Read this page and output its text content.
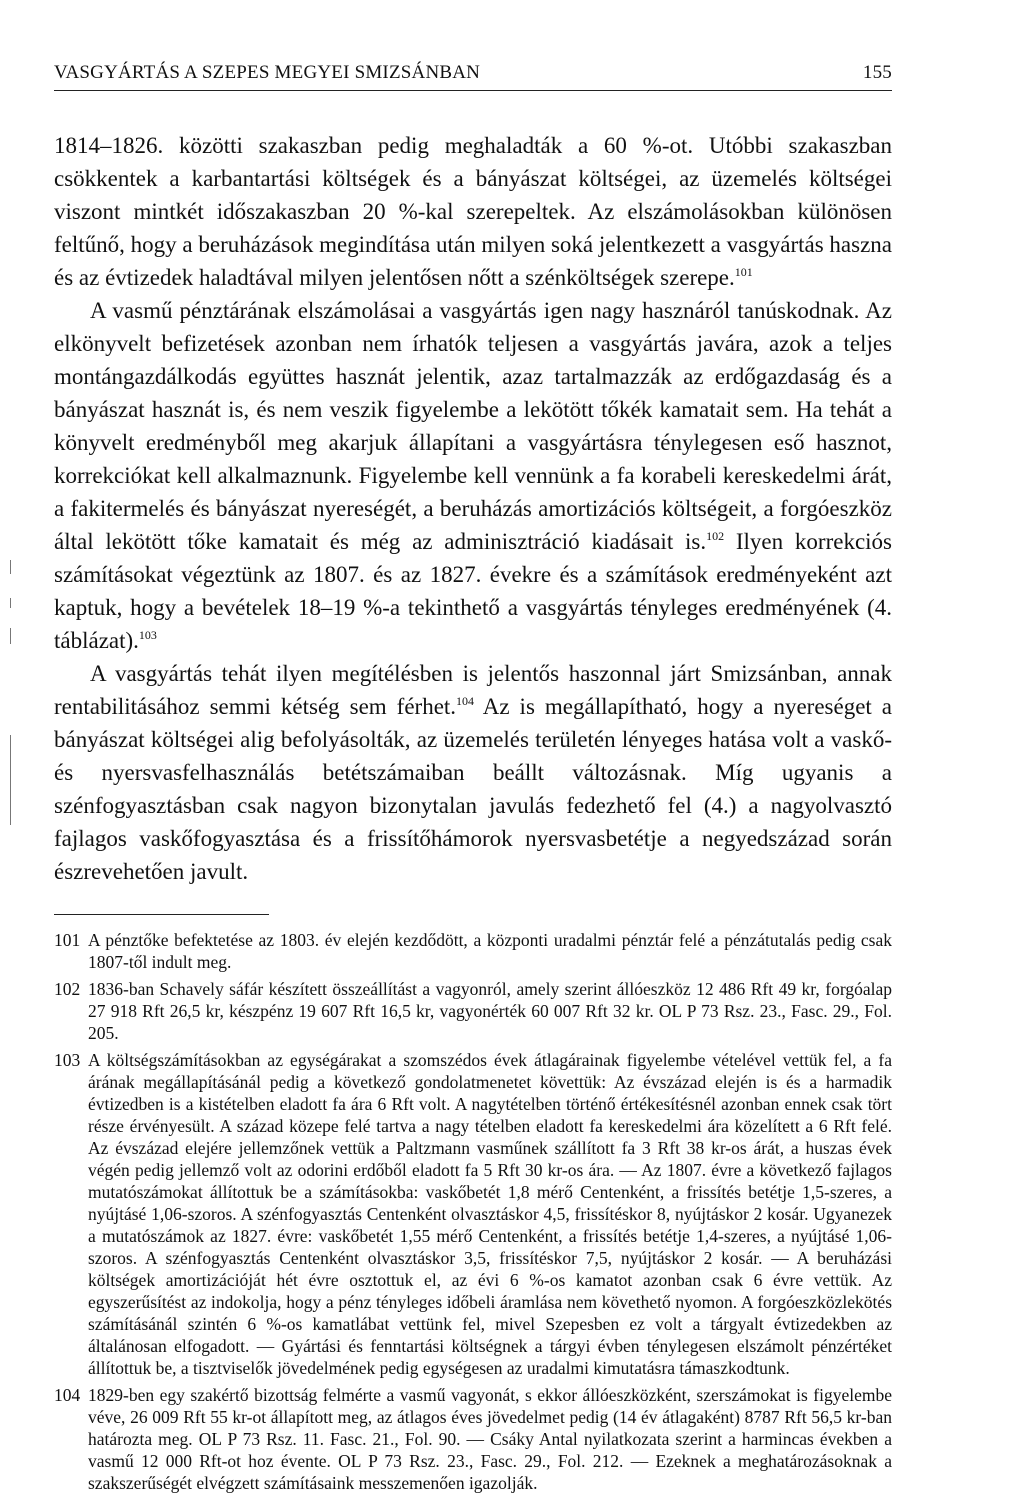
VASGYÁRTÁS A SZEPES MEGYEI SMIZSÁNBAN	155

1814–1826. közötti szakaszban pedig meghaladták a 60 %-ot. Utóbbi szakaszban csökkentek a karbantartási költségek és a bányászat költségei, az üzemelés költségei viszont mintkét időszakaszban 20 %-kal szerepeltek. Az elszámolásokban különösen feltűnő, hogy a beruházások megindítása után milyen soká jelentkezett a vasgyártás haszna és az évtizedek haladtával milyen jelentősen nőtt a szénköltségek szerepe.$^{101}$

A vasmű pénztárának elszámolásai a vasgyártás igen nagy hasznáról tanúskodnak. Az elkönyvelt befizetések azonban nem írhatók teljesen a vasgyártás javára, azok a teljes montángazdálkodás együttes hasznát jelentik, azaz tartalmazzák az erdőgazdaság és a bányászat hasznát is, és nem veszik figyelembe a lekötött tőkék kamatait sem. Ha tehát a könyvelt eredményből meg akarjuk állapítani a vasgyártásra ténylegesen eső hasznot, korrekciókat kell alkalmaznunk. Figyelembe kell vennünk a fa korabeli kereskedelmi árát, a fakitermelés és bányászat nyereségét, a beruházás amortizációs költségeit, a forgóeszköz által lekötött tőke kamatait és még az adminisztráció kiadásait is.$^{102}$ Ilyen korrekciós számításokat végeztünk az 1807. és az 1827. évekre és a számítások eredményeként azt kaptuk, hogy a bevételek 18–19 %-a tekinthető a vasgyártás tényleges eredményének (4. táblázat).$^{103}$

A vasgyártás tehát ilyen megítélésben is jelentős haszonnal járt Smizsánban, annak rentabilitásához semmi kétség sem férhet.$^{104}$ Az is megállapítható, hogy a nyereséget a bányászat költségei alig befolyásolták, az üzemelés területén lényeges hatása volt a vaskő- és nyersvasfelhasználás betétszámaiban beállt változásnak. Míg ugyanis a szénfogyasztásban csak nagyon bizonytalan javulás fedezhető fel (4.) a nagyolvasztó fajlagos vaskőfogyasztása és a frissítőhámorok nyersvasbetétje a negyedszázad során észrevehetően javult.

101 A pénztőke befektetése az 1803. év elején kezdődött, a központi uradalmi pénztár felé a pénzátutalás pedig csak 1807-től indult meg.
102 1836-ban Schavely sáfár készített összeállítást a vagyonról, amely szerint állóeszköz 12 486 Rft 49 kr, forgóalap 27 918 Rft 26,5 kr, készpénz 19 607 Rft 16,5 kr, vagyonérték 60 007 Rft 32 kr. OL P 73 Rsz. 23., Fasc. 29., Fol. 205.
103 A költségszámításokban az egységárakat a szomszédos évek átlagárainak figyelembe vételével vettük fel, a fa árának megállapításánál pedig a következő gondolatmenetet követtük: Az évszázad elején is és a harmadik évtizedben is a kistételben eladott fa ára 6 Rft volt. A nagytételben történő értékesítésnél azonban ennek csak tört része érvényesült. A század közepe felé tartva a nagy tételben eladott fa kereskedelmi ára közelített a 6 Rft felé. Az évszázad elejére jellemzőnek vettük a Paltzmann vasműnek szállított fa 3 Rft 38 kr-os árát, a huszas évek végén pedig jellemző volt az odorini erdőből eladott fa 5 Rft 30 kr-os ára. — Az 1807. évre a következő fajlagos mutatószámokat állítottuk be a számításokba: vaskőbetét 1,8 mérő Centenként, a frissítés betétje 1,5-szeres, a nyújtásé 1,06-szoros. A szénfogyasztás Centenként olvasztáskor 4,5, frissítéskor 8, nyújtáskor 2 kosár. Ugyanezek a mutatószámok az 1827. évre: vaskőbetét 1,55 mérő Centenként, a frissítés betétje 1,4-szeres, a nyújtásé 1,06-szoros. A szénfogyasztás Centenként olvasztáskor 3,5, frissítéskor 7,5, nyújtáskor 2 kosár. — A beruházási költségek amortizációját hét évre osztottuk el, az évi 6 %-os kamatot azonban csak 6 évre vettük. Az egyszerűsítést az indokolja, hogy a pénz tényleges időbeli áramlása nem követhető nyomon. A forgóeszközlekötés számításánál szintén 6 %-os kamatlábat vettünk fel, mivel Szepesben ez volt a tárgyalt évtizedekben az általánosan elfogadott. — Gyártási és fenntartási költségnek a tárgyi évben ténylegesen elszámolt pénzértéket állítottuk be, a tisztviselők jövedelmének pedig egységesen az uradalmi kimutatásra támaszkodtunk.
104 1829-ben egy szakértő bizottság felmérte a vasmű vagyonát, s ekkor állóeszközként, szerszámokat is figyelembe véve, 26 009 Rft 55 kr-ot állapított meg, az átlagos éves jövedelmet pedig (14 év átlagaként) 8787 Rft 56,5 kr-ban határozta meg. OL P 73 Rsz. 11. Fasc. 21., Fol. 90. — Csáky Antal nyilatkozata szerint a harmincas években a vasmű 12 000 Rft-ot hoz évente. OL P 73 Rsz. 23., Fasc. 29., Fol. 212. — Ezeknek a meghatározásoknak a szakszerűségét elvégzett számításaink messzemenően igazolják.
